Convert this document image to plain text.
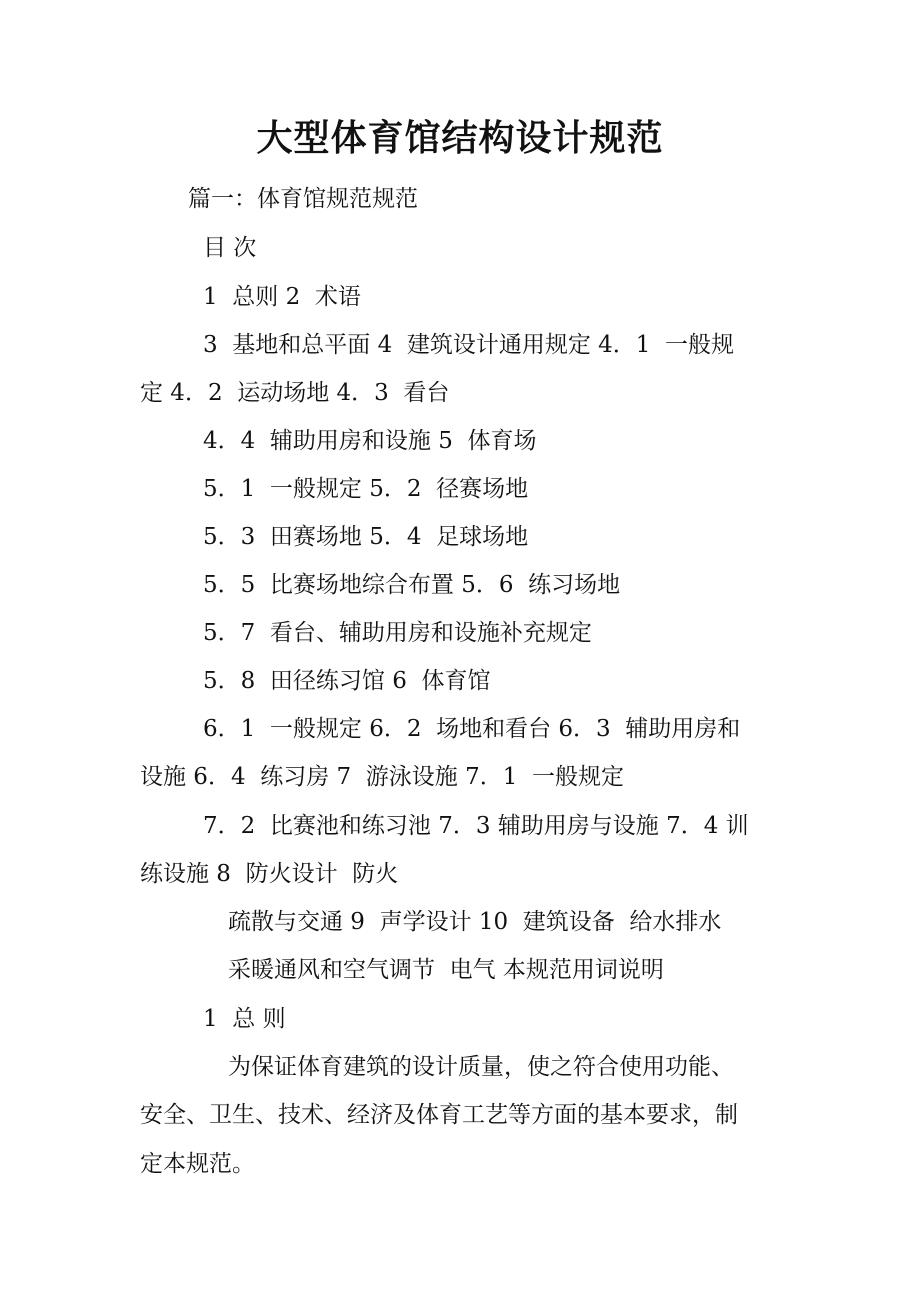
大型体育馆结构设计规范
篇一：体育馆规范规范
目 次
1  总则 2  术语
3  基地和总平面 4  建筑设计通用规定 4．1  一般规
定 4．2  运动场地 4．3  看台
4．4  辅助用房和设施 5  体育场
5．1  一般规定 5．2  径赛场地
5．3  田赛场地 5．4  足球场地
5．5  比赛场地综合布置 5．6  练习场地
5．7  看台、辅助用房和设施补充规定
5．8  田径练习馆 6  体育馆
6．1  一般规定 6．2  场地和看台 6．3  辅助用房和
设施 6．4  练习房 7  游泳设施 7．1  一般规定
7．2  比赛池和练习池 7．3 辅助用房与设施 7．4 训
练设施 8  防火设计  防火
疏散与交通 9  声学设计 10  建筑设备  给水排水
采暖通风和空气调节  电气 本规范用词说明
1  总 则
为保证体育建筑的设计质量，使之符合使用功能、
安全、卫生、技术、经济及体育工艺等方面的基本要求，制
定本规范。
